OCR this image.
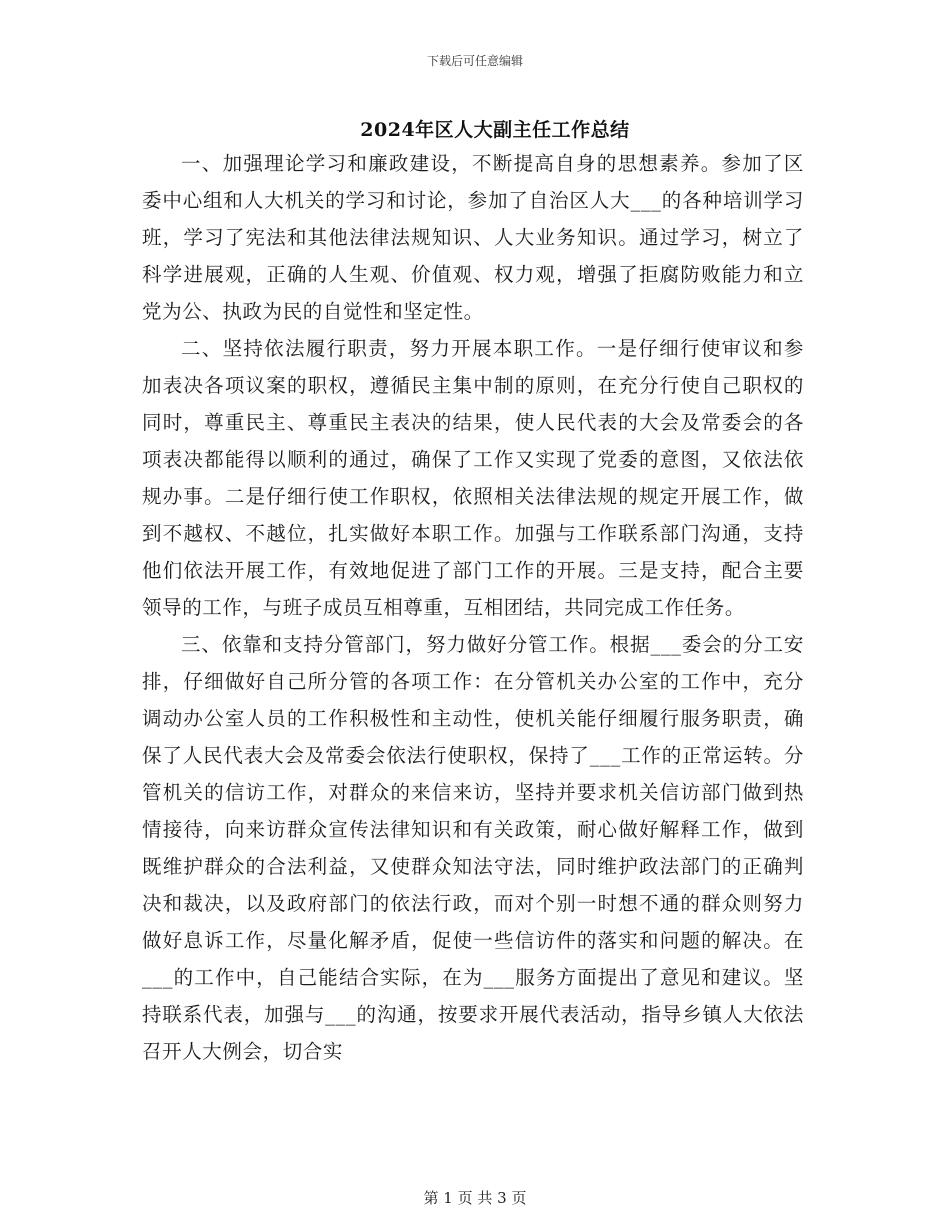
下载后可任意编辑
2024年区人大副主任工作总结

一、加强理论学习和廉政建设，不断提高自身的思想素养。参加了区委中心组和人大机关的学习和讨论，参加了自治区人大___的各种培训学习班，学习了宪法和其他法律法规知识、人大业务知识。通过学习，树立了科学进展观，正确的人生观、价值观、权力观，增强了拒腐防败能力和立党为公、执政为民的自觉性和坚定性。

二、坚持依法履行职责，努力开展本职工作。一是仔细行使审议和参加表决各项议案的职权，遵循民主集中制的原则，在充分行使自己职权的同时，尊重民主、尊重民主表决的结果，使人民代表的大会及常委会的各项表决都能得以顺利的通过，确保了工作又实现了党委的意图，又依法依规办事。二是仔细行使工作职权，依照相关法律法规的规定开展工作，做到不越权、不越位，扎实做好本职工作。加强与工作联系部门沟通，支持他们依法开展工作，有效地促进了部门工作的开展。三是支持，配合主要领导的工作，与班子成员互相尊重，互相团结，共同完成工作任务。

三、依靠和支持分管部门，努力做好分管工作。根据___委会的分工安排，仔细做好自己所分管的各项工作：在分管机关办公室的工作中，充分调动办公室人员的工作积极性和主动性，使机关能仔细履行服务职责，确保了人民代表大会及常委会依法行使职权，保持了___工作的正常运转。分管机关的信访工作，对群众的来信来访，坚持并要求机关信访部门做到热情接待，向来访群众宣传法律知识和有关政策，耐心做好解释工作，做到既维护群众的合法利益，又使群众知法守法，同时维护政法部门的正确判决和裁决，以及政府部门的依法行政，而对个别一时想不通的群众则努力做好息诉工作，尽量化解矛盾，促使一些信访件的落实和问题的解决。在___的工作中，自己能结合实际，在为___服务方面提出了意见和建议。坚持联系代表，加强与___的沟通，按要求开展代表活动，指导乡镇人大依法召开人大例会，切合实

第 1 页 共 3 页
